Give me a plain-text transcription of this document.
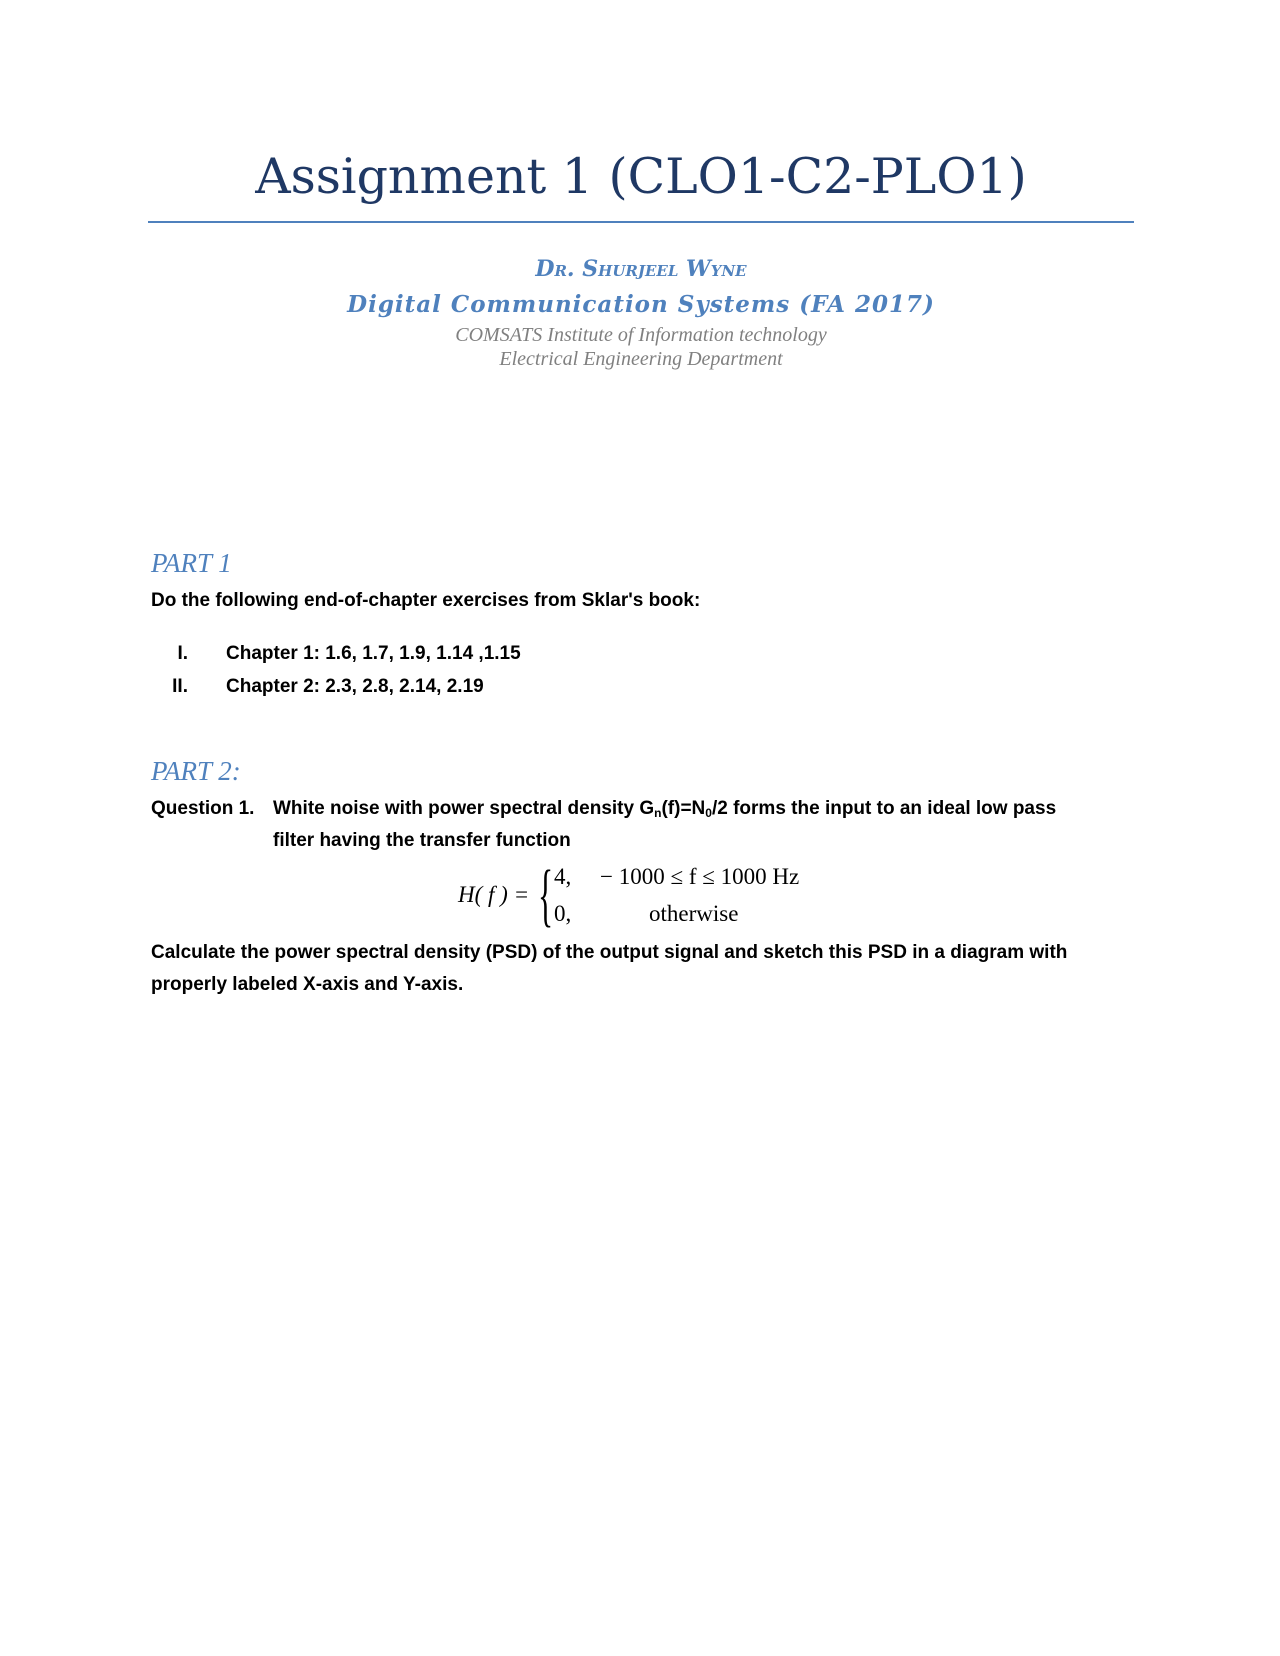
Assignment 1 (CLO1-C2-PLO1)
Dr. Shurjeel Wyne
Digital Communication Systems (FA 2017)
COMSATS Institute of Information technology
Electrical Engineering Department
PART 1
Do the following end-of-chapter exercises from Sklar's book:
I. Chapter 1: 1.6, 1.7, 1.9, 1.14 ,1.15
II. Chapter 2: 2.3, 2.8, 2.14, 2.19
PART 2:
Question 1. White noise with power spectral density $G_n(f)=N_0/2$ forms the input to an ideal low pass
filter having the transfer function
H( f ) = { 4, − 1000 ≤ f ≤ 1000 Hz
0,	otherwise
Calculate the power spectral density (PSD) of the output signal and sketch this PSD in a diagram with
properly labeled X-axis and Y-axis.
